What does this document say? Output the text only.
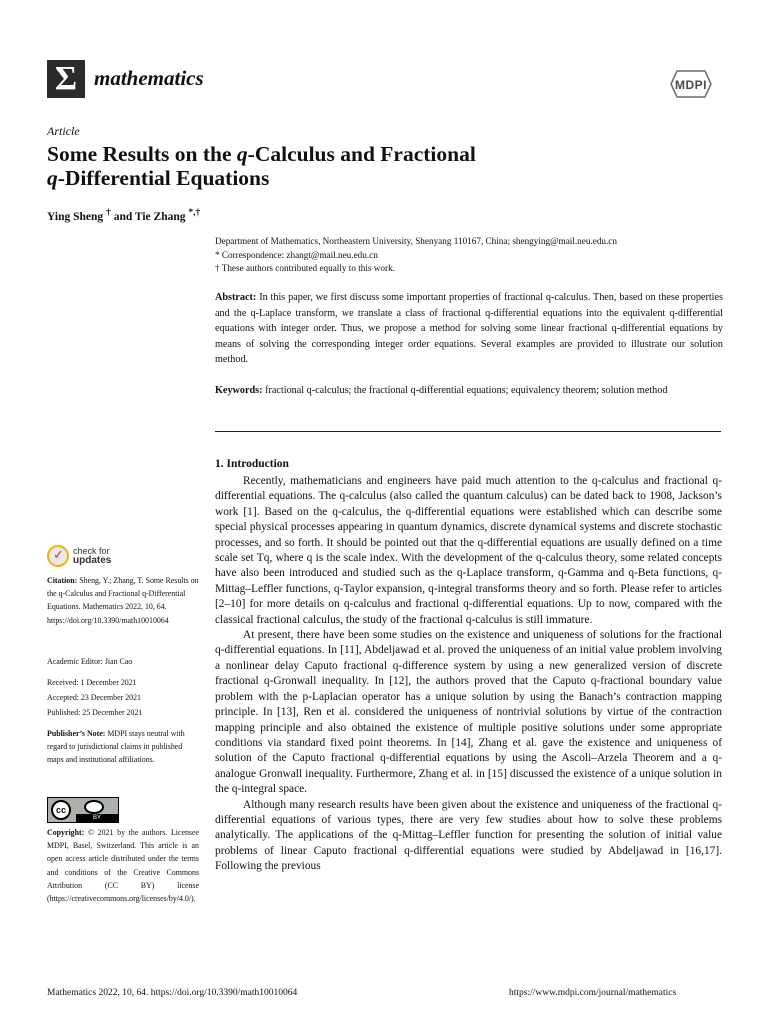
Σ mathematics	MDPI
Article
Some Results on the q-Calculus and Fractional
q-Differential Equations
Ying Sheng † and Tie Zhang *,†
Department of Mathematics, Northeastern University, Shenyang 110167, China; shengying@mail.neu.edu.cn
* Correspondence: zhangt@mail.neu.edu.cn
† These authors contributed equally to this work.
Abstract: In this paper, we first discuss some important properties of fractional q-calculus. Then, based on these properties and the q-Laplace transform, we translate a class of fractional q-differential equations into the equivalent q-differential equations with integer order. Thus, we propose a method for solving some linear fractional q-differential equations by means of solving the corresponding integer order equations. Several examples are provided to illustrate our solution method.
Keywords: fractional q-calculus; the fractional q-differential equations; equivalency theorem; solution method
✓ check for
updates
Citation: Sheng, Y.; Zhang, T. Some Results on the q-Calculus and Fractional q-Differential Equations. Mathematics 2022, 10, 64. https://doi.org/10.3390/math10010064
Academic Editor: Jian Cao
Received: 1 December 2021
Accepted: 23 December 2021
Published: 25 December 2021
Publisher’s Note: MDPI stays neutral with regard to jurisdictional claims in published maps and institutional affiliations.
cc
BY
Copyright: © 2021 by the authors. Licensee MDPI, Basel, Switzerland. This article is an open access article distributed under the terms and conditions of the Creative Commons Attribution (CC BY) license (https://creativecommons.org/licenses/by/4.0/).
1. Introduction

Recently, mathematicians and engineers have paid much attention to the q-calculus and fractional q-differential equations. The q-calculus (also called the quantum calculus) can be dated back to 1908, Jackson’s work [1]. Based on the q-calculus, the q-differential equations were established which can describe some special physical processes appearing in quantum dynamics, discrete dynamical systems and discrete stochastic processes, and so forth. It should be pointed out that the q-differential equations are usually defined on a time scale set Tq, where q is the scale index. With the development of the q-calculus theory, some related concepts have also been introduced and studied such as the q-Laplace transform, q-Gamma and q-Beta functions, q-Mittag–Leffler functions, q-Taylor expansion, q-integral transforms theory and so forth. Please refer to articles [2–10] for more details on q-calculus and fractional q-differential equations. Up to now, compared with the classical fractional calculus, the study of the fractional q-calculus is still immature.

At present, there have been some studies on the existence and uniqueness of solutions for the fractional q-differential equations. In [11], Abdeljawad et al. proved the uniqueness of an initial value problem involving a nonlinear delay Caputo fractional q-difference system by using a new generalized version of discrete fractional q-Gronwall inequality. In [12], the authors proved that the Caputo q-fractional boundary value problem with the p-Laplacian operator has a unique solution by using the Banach’s contraction mapping principle. In [13], Ren et al. considered the uniqueness of nontrivial solutions by virtue of the contraction mapping principle and also obtained the existence of multiple positive solutions under some appropriate conditions via standard fixed point theorems. In [14], Zhang et al. gave the existence and uniqueness of solution of the Caputo fractional q-differential equations by using the Ascoli–Arzela Theorem and a q-analogue Gronwall inequality. Furthermore, Zhang et al. in [15] discussed the existence of a unique solution in the q-integral space.

Although many research results have been given about the existence and uniqueness of the fractional q-differential equations of various types, there are very few studies about how to solve these problems analytically. The applications of the q-Mittag–Leffler function for presenting the solution of initial value problems of linear Caputo fractional q-differential equations were studied by Abdeljawad in [16,17]. Following the previous

Mathematics 2022, 10, 64. https://doi.org/10.3390/math10010064	https://www.mdpi.com/journal/mathematics
